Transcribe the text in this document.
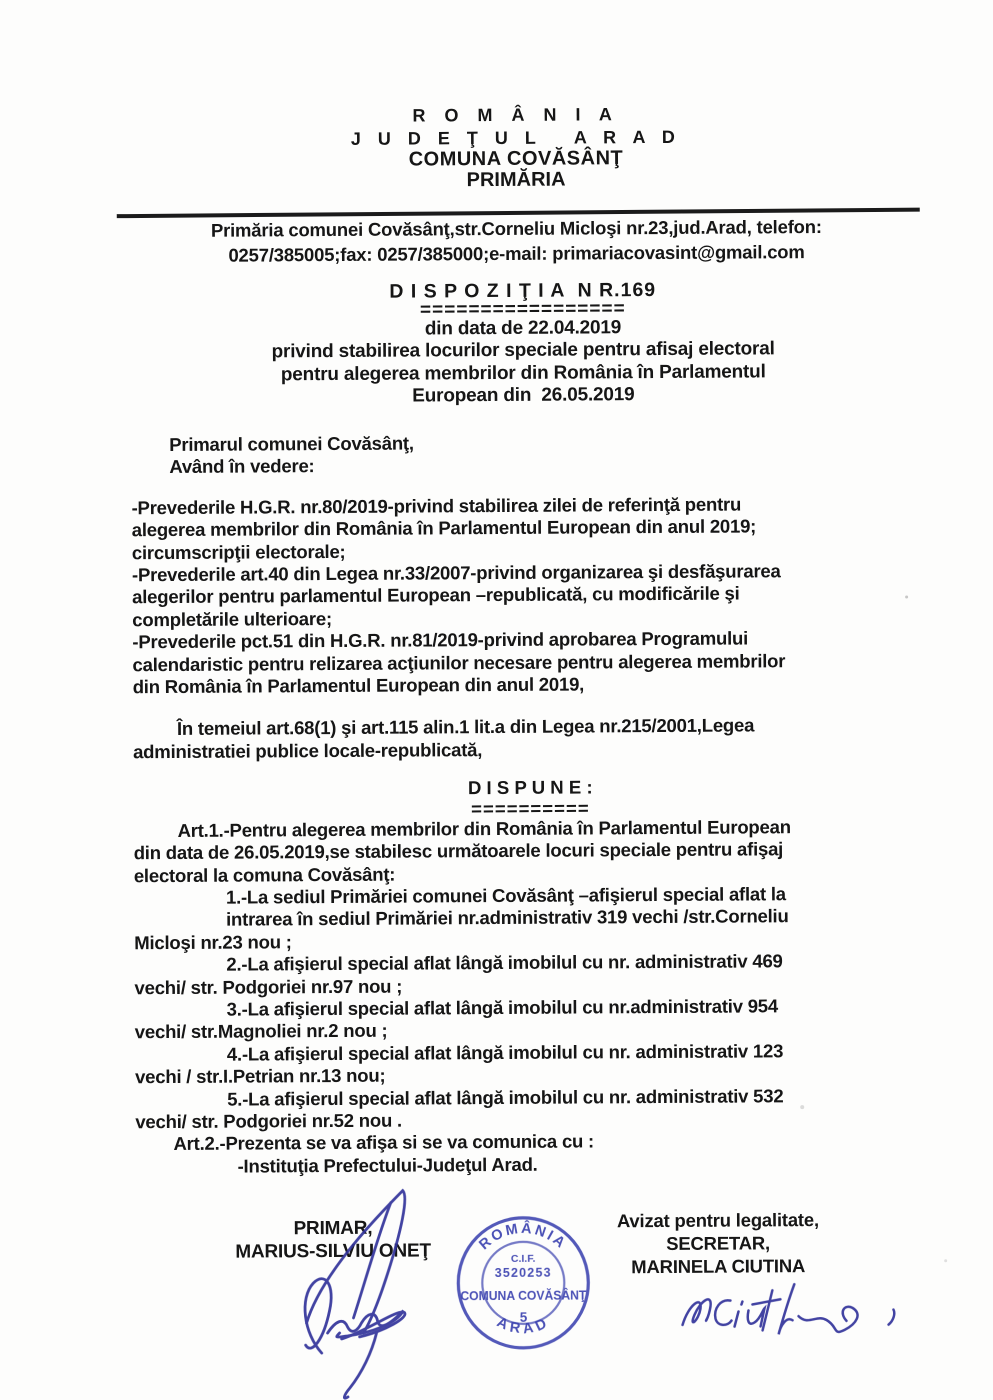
R O M Â N I A
J U D E Ţ U L   A R A D
COMUNA COVĂSÂNŢ
PRIMĂRIA
Primăria comunei Covăsânţ,str.Corneliu Micloşi nr.23,jud.Arad, telefon:
0257/385005;fax: 0257/385000;e-mail: primariacovasint@gmail.com
D I S P O Z I Ţ I A  N R.169
=================
din data de 22.04.2019
privind stabilirea locurilor speciale pentru afisaj electoral
pentru alegerea membrilor din România în Parlamentul
European din  26.05.2019
Primarul comunei Covăsânţ,
Având în vedere:
-Prevederile H.G.R. nr.80/2019-privind stabilirea zilei de referinţă pentru
alegerea membrilor din România în Parlamentul European din anul 2019;
circumscripţii electorale;
-Prevederile art.40 din Legea nr.33/2007-privind organizarea şi desfăşurarea
alegerilor pentru parlamentul European –republicată, cu modificările şi
completările ulterioare;
-Prevederile pct.51 din H.G.R. nr.81/2019-privind aprobarea Programului
calendaristic pentru relizarea acţiunilor necesare pentru alegerea membrilor
din România în Parlamentul European din anul 2019,
În temeiul art.68(1) şi art.115 alin.1 lit.a din Legea nr.215/2001,Legea
administratiei publice locale-republicată,
D I S P U N E :
==========
Art.1.-Pentru alegerea membrilor din România în Parlamentul European
din data de 26.05.2019,se stabilesc următoarele locuri speciale pentru afişaj
electoral la comuna Covăsânţ:
1.-La sediul Primăriei comunei Covăsânţ –afişierul special aflat la
intrarea în sediul Primăriei nr.administrativ 319 vechi /str.Corneliu
Micloşi nr.23 nou ;
2.-La afişierul special aflat lângă imobilul cu nr. administrativ 469
vechi/ str. Podgoriei nr.97 nou ;
3.-La afişierul special aflat lângă imobilul cu nr.administrativ 954
vechi/ str.Magnoliei nr.2 nou ;
4.-La afişierul special aflat lângă imobilul cu nr. administrativ 123
vechi / str.I.Petrian nr.13 nou;
5.-La afişierul special aflat lângă imobilul cu nr. administrativ 532
vechi/ str. Podgoriei nr.52 nou .
Art.2.-Prezenta se va afişa si se va comunica cu :
-Instituţia Prefectului-Judeţul Arad.
PRIMAR,
MARIUS-SILVIU ONEŢ
Avizat pentru legalitate,
SECRETAR,
MARINELA CIUTINA
ROMÂNIA
C.I.F.
3520253
COMUNA COVĂSÂNŢ
5
ARAD
